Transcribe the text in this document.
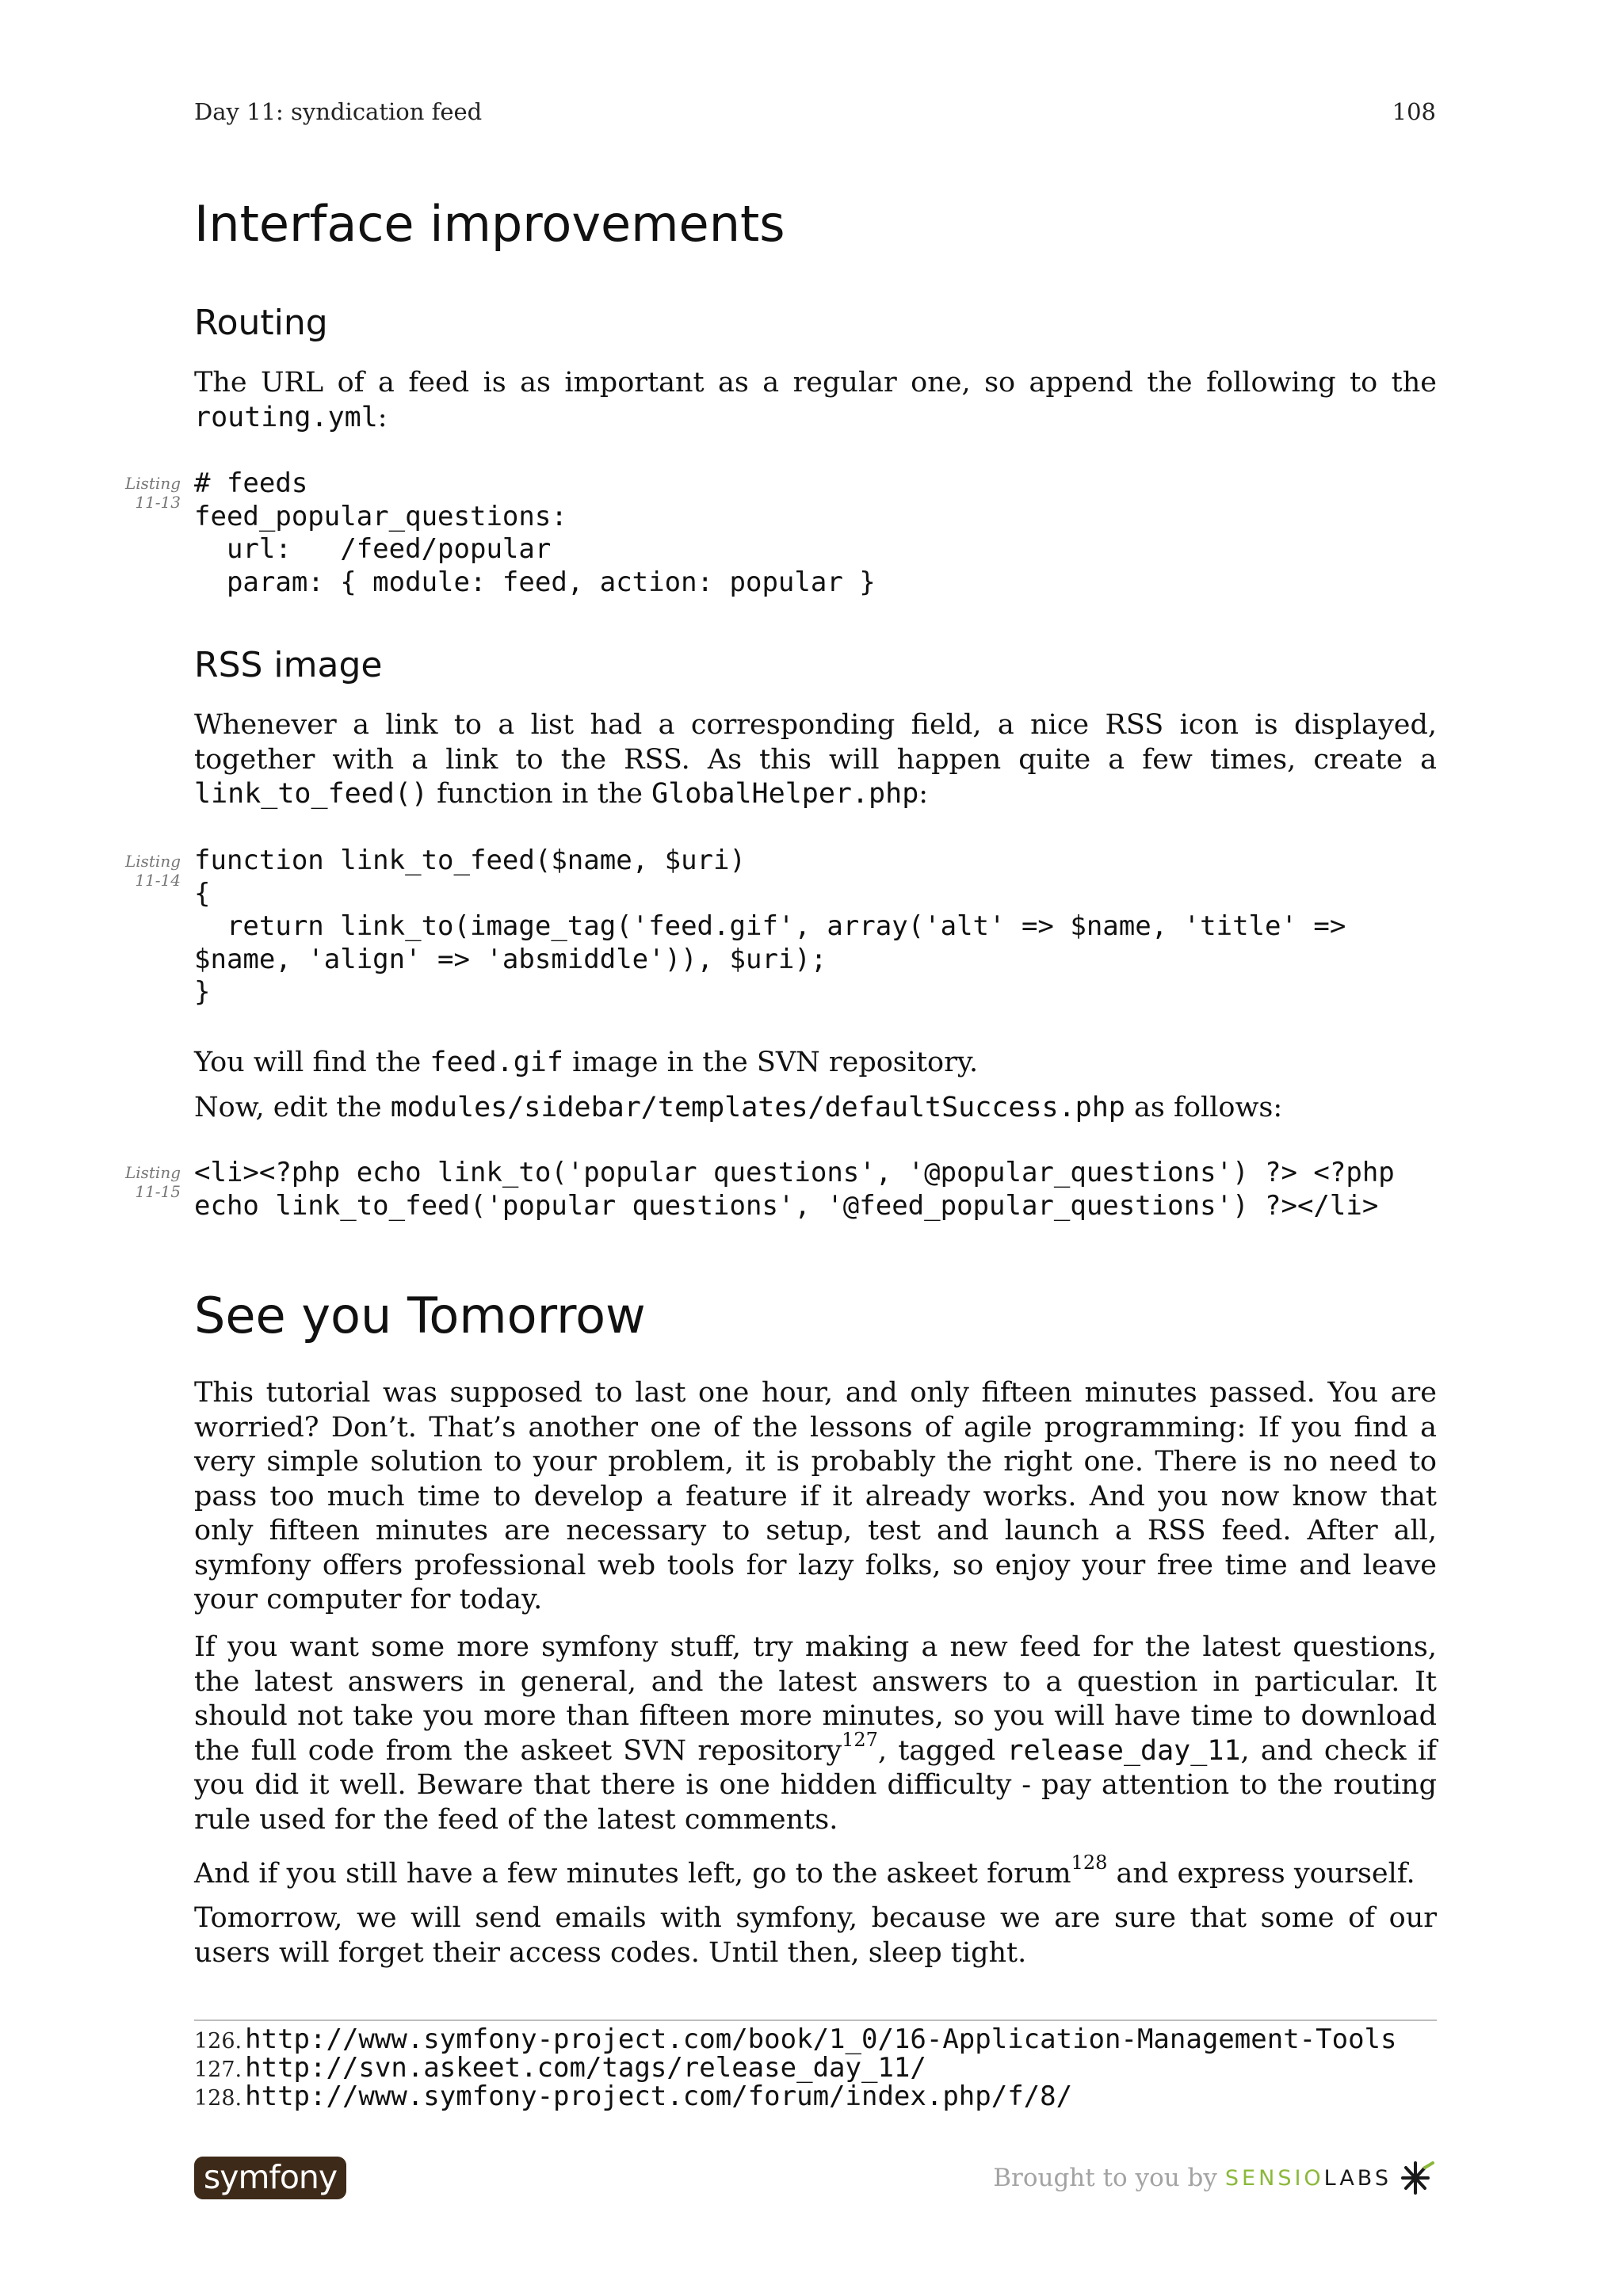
Day 11: syndication feed	108
Interface improvements
Routing

The URL of a feed is as important as a regular one, so append the following to the routing.yml:

Listing
11-13
# feeds
feed_popular_questions:
url:   /feed/popular
param: { module: feed, action: popular }
RSS image

Whenever a link to a list had a corresponding field, a nice RSS icon is displayed, together with a link to the RSS. As this will happen quite a few times, create a link_to_feed() function in the GlobalHelper.php:

Listing
11-14
function link_to_feed($name, $uri)
{
return link_to(image_tag('feed.gif', array('alt' => $name, 'title' =>
$name, 'align' => 'absmiddle')), $uri);
}

You will find the feed.gif image in the SVN repository.

Now, edit the modules/sidebar/templates/defaultSuccess.php as follows:

Listing
11-15
<li><?php echo link_to('popular questions', '@popular_questions') ?> <?php
echo link_to_feed('popular questions', '@feed_popular_questions') ?></li>
See you Tomorrow

This tutorial was supposed to last one hour, and only fifteen minutes passed. You are worried? Don’t. That’s another one of the lessons of agile programming: If you find a very simple solution to your problem, it is probably the right one. There is no need to pass too much time to develop a feature if it already works. And you now know that only fifteen minutes are necessary to setup, test and launch a RSS feed. After all, symfony offers professional web tools for lazy folks, so enjoy your free time and leave your computer for today.

If you want some more symfony stuff, try making a new feed for the latest questions, the latest answers in general, and the latest answers to a question in particular. It should not take you more than fifteen more minutes, so you will have time to download the full code from the askeet SVN repository$^{127}$, tagged release_day_11, and check if you did it well. Beware that there is one hidden difficulty - pay attention to the routing rule used for the feed of the latest comments.

And if you still have a few minutes left, go to the askeet forum$^{128}$ and express yourself.

Tomorrow, we will send emails with symfony, because we are sure that some of our users will forget their access codes. Until then, sleep tight.

126. http://www.symfony-project.com/book/1_0/16-Application-Management-Tools
127. http://svn.askeet.com/tags/release_day_11/
128. http://www.symfony-project.com/forum/index.php/f/8/
symfony	Brought to you by SENSIOLABS
